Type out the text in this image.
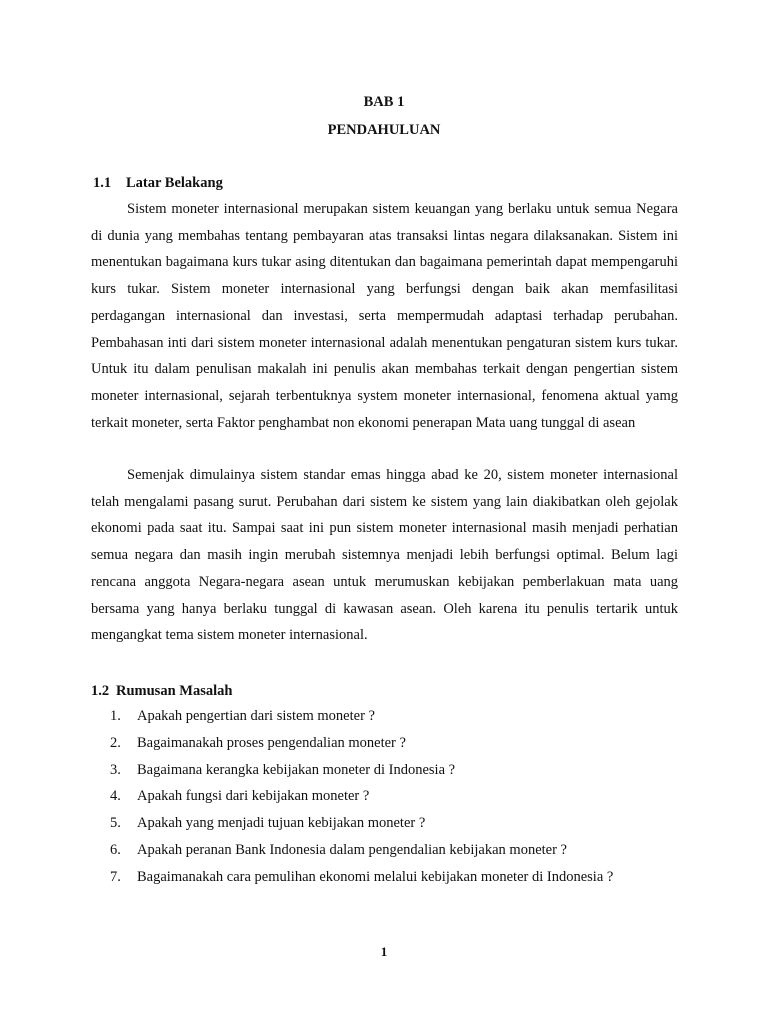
BAB 1
PENDAHULUAN
1.1 Latar Belakang

Sistem moneter internasional merupakan sistem keuangan yang berlaku untuk semua Negara di dunia yang membahas tentang pembayaran atas transaksi lintas negara dilaksanakan. Sistem ini menentukan bagaimana kurs tukar asing ditentukan dan bagaimana pemerintah dapat mempengaruhi kurs tukar. Sistem moneter internasional yang berfungsi dengan baik akan memfasilitasi perdagangan internasional dan investasi, serta mempermudah adaptasi terhadap perubahan. Pembahasan inti dari sistem moneter internasional adalah menentukan pengaturan sistem kurs tukar. Untuk itu dalam penulisan makalah ini penulis akan membahas terkait dengan pengertian sistem moneter internasional, sejarah terbentuknya system moneter internasional, fenomena aktual yamg terkait moneter, serta Faktor penghambat non ekonomi penerapan Mata uang tunggal di asean

Semenjak dimulainya sistem standar emas hingga abad ke 20, sistem moneter internasional telah mengalami pasang surut. Perubahan dari sistem ke sistem yang lain diakibatkan oleh gejolak ekonomi pada saat itu. Sampai saat ini pun sistem moneter internasional masih menjadi perhatian semua negara dan masih ingin merubah sistemnya menjadi lebih berfungsi optimal. Belum lagi rencana anggota Negara-negara asean untuk merumuskan kebijakan pemberlakuan mata uang bersama yang hanya berlaku tunggal di kawasan asean. Oleh karena itu penulis tertarik untuk mengangkat tema sistem moneter internasional.

1.2 Rumusan Masalah
1.	Apakah pengertian dari sistem moneter ?
2.	Bagaimanakah proses pengendalian moneter ?
3.	Bagaimana kerangka kebijakan moneter di Indonesia ?
4.	Apakah fungsi dari kebijakan moneter ?
5.	Apakah yang menjadi tujuan kebijakan moneter ?
6.	Apakah peranan Bank Indonesia dalam pengendalian kebijakan moneter ?
7.	Bagaimanakah cara pemulihan ekonomi melalui kebijakan moneter di Indonesia ?
1
